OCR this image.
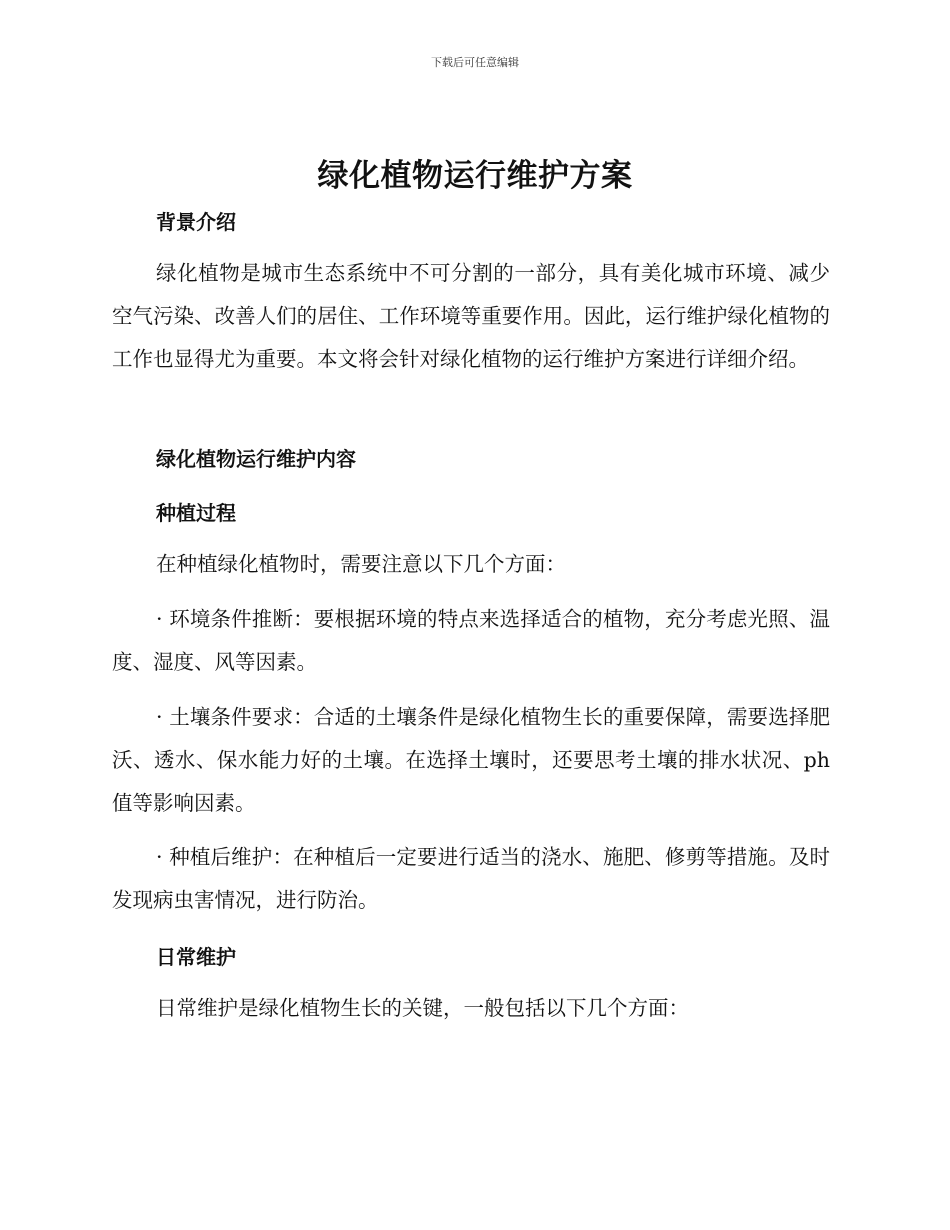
下载后可任意编辑
绿化植物运行维护方案
背景介绍

绿化植物是城市生态系统中不可分割的一部分，具有美化城市环境、减少空气污染、改善人们的居住、工作环境等重要作用。因此，运行维护绿化植物的工作也显得尤为重要。本文将会针对绿化植物的运行维护方案进行详细介绍。

绿化植物运行维护内容
种植过程

在种植绿化植物时，需要注意以下几个方面：

· 环境条件推断：要根据环境的特点来选择适合的植物，充分考虑光照、温度、湿度、风等因素。

· 土壤条件要求：合适的土壤条件是绿化植物生长的重要保障，需要选择肥沃、透水、保水能力好的土壤。在选择土壤时，还要思考土壤的排水状况、ph 值等影响因素。

· 种植后维护：在种植后一定要进行适当的浇水、施肥、修剪等措施。及时发现病虫害情况，进行防治。

日常维护

日常维护是绿化植物生长的关键，一般包括以下几个方面：
